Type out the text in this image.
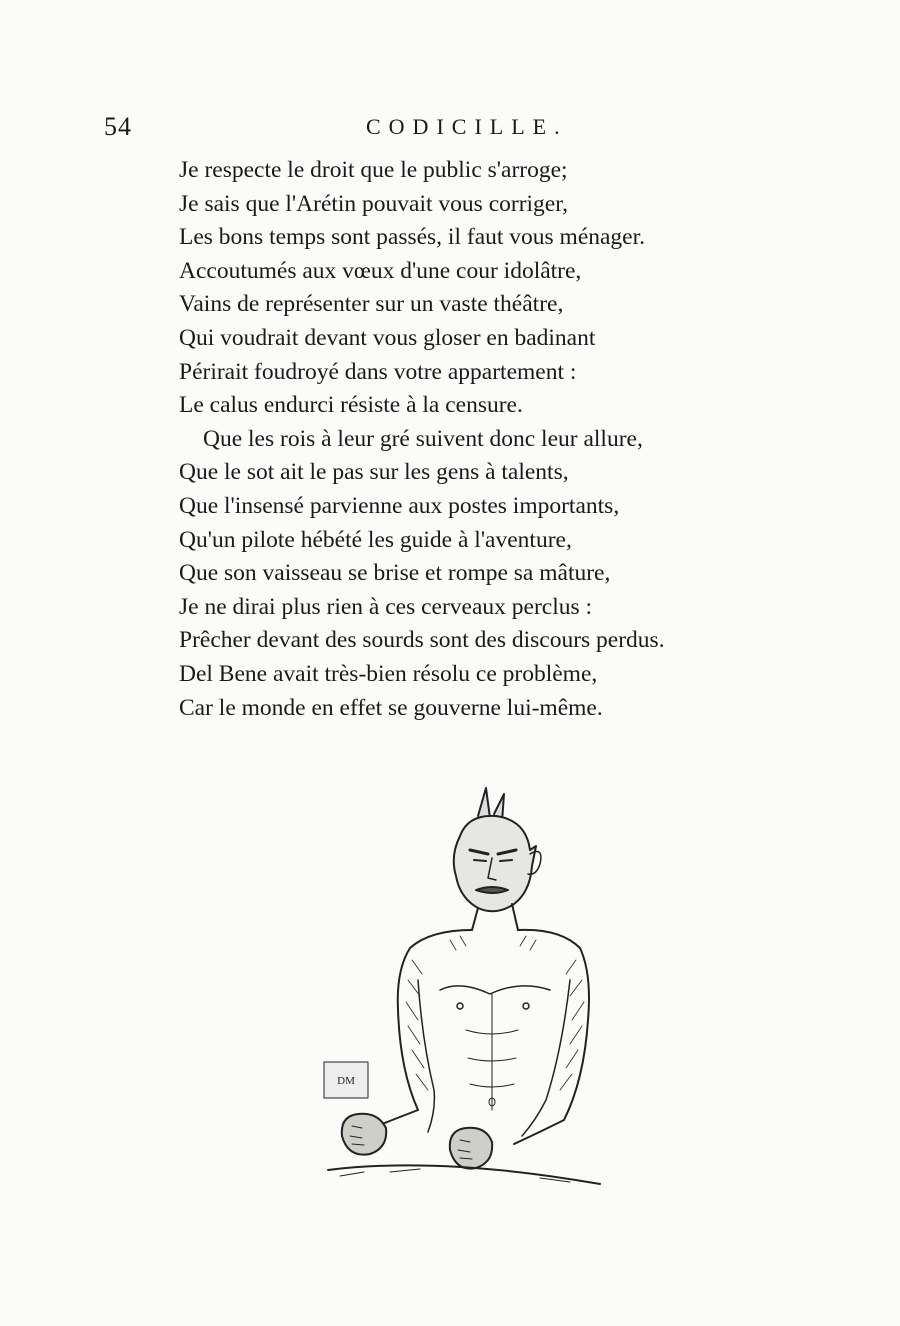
54	CODICILLE.
Je respecte le droit que le public s'arroge;
Je sais que l'Arétin pouvait vous corriger,
Les bons temps sont passés, il faut vous ménager.
Accoutumés aux vœux d'une cour idolâtre,
Vains de représenter sur un vaste théâtre,
Qui voudrait devant vous gloser en badinant
Périrait foudroyé dans votre appartement :
Le calus endurci résiste à la censure.
Que les rois à leur gré suivent donc leur allure,
Que le sot ait le pas sur les gens à talents,
Que l'insensé parvienne aux postes importants,
Qu'un pilote hébété les guide à l'aventure,
Que son vaisseau se brise et rompe sa mâture,
Je ne dirai plus rien à ces cerveaux perclus :
Prêcher devant des sourds sont des discours perdus.
Del Bene avait très-bien résolu ce problème,
Car le monde en effet se gouverne lui-même.
DM
